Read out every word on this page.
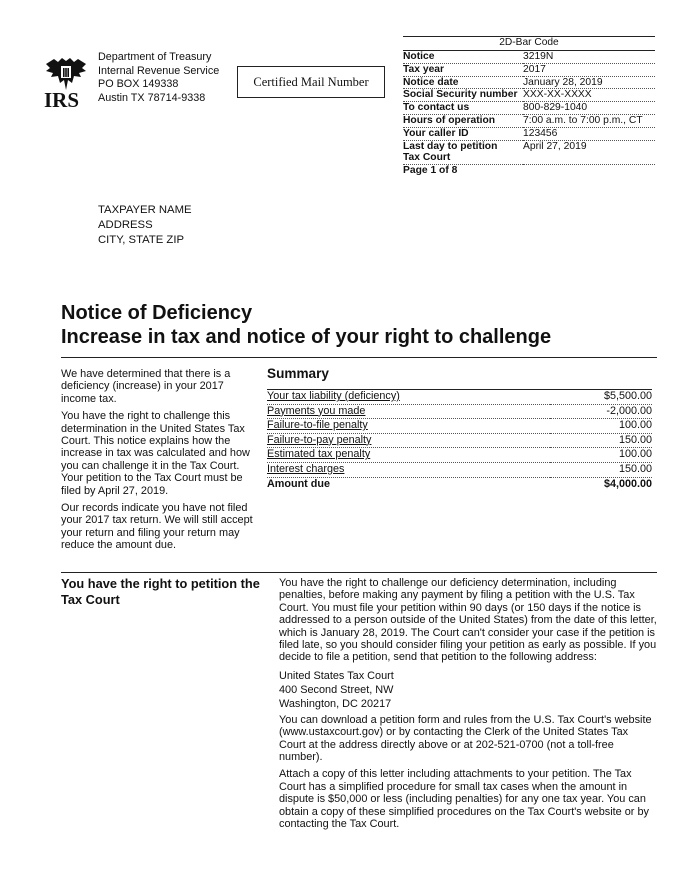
IRS
Department of Treasury
Internal Revenue Service
PO BOX 149338
Austin TX 78714-9338
Certified Mail Number
2D-Bar Code
Notice	3219N
Tax year	2017
Notice date	January 28, 2019
Social Security number	XXX-XX-XXXX
To contact us	800-829-1040
Hours of operation	7:00 a.m. to 7:00 p.m., CT
Your caller ID	123456
Last day to petition	April 27, 2019
Tax Court	
Page 1 of 8	
TAXPAYER NAME
ADDRESS
CITY, STATE ZIP
Notice of Deficiency
Increase in tax and notice of your right to challenge

We have determined that there is a deficiency (increase) in your 2017 income tax.

You have the right to challenge this determination in the United States Tax Court. This notice explains how the increase in tax was calculated and how you can challenge it in the Tax Court. Your petition to the Tax Court must be filed by April 27, 2019.

Our records indicate you have not filed your 2017 tax return. We will still accept your return and filing your return may reduce the amount due.

Summary
Your tax liability (deficiency)	$5,500.00
Payments you made	-2,000.00
Failure-to-file penalty	100.00
Failure-to-pay penalty	150.00
Estimated tax penalty	100.00
Interest charges	150.00
Amount due	$4,000.00
You have the right to petition the Tax Court

You have the right to challenge our deficiency determination, including penalties, before making any payment by filing a petition with the U.S. Tax Court. You must file your petition within 90 days (or 150 days if the notice is addressed to a person outside of the United States) from the date of this letter, which is January 28, 2019. The Court can't consider your case if the petition is filed late, so you should consider filing your petition as early as possible. If you decide to file a petition, send that petition to the following address:

United States Tax Court
400 Second Street, NW
Washington, DC 20217

You can download a petition form and rules from the U.S. Tax Court's website (www.ustaxcourt.gov) or by contacting the Clerk of the United States Tax Court at the address directly above or at 202-521-0700 (not a toll-free number).

Attach a copy of this letter including attachments to your petition. The Tax Court has a simplified procedure for small tax cases when the amount in dispute is $50,000 or less (including penalties) for any one tax year. You can obtain a copy of these simplified procedures on the Tax Court's website or by contacting the Tax Court.
